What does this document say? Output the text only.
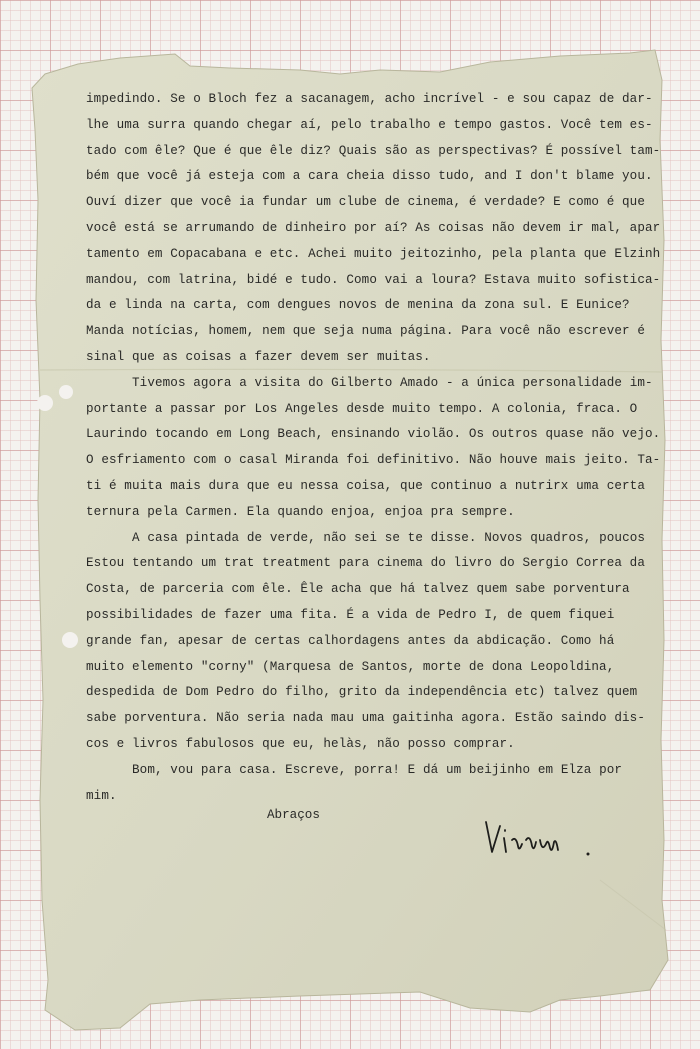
impedindo. Se o Bloch fez a sacanagem, acho incrível - e sou capaz de dar-
lhe uma surra quando chegar aí, pelo trabalho e tempo gastos. Você tem es-
tado com êle? Que é que êle diz? Quais são as perspectivas? É possível tam-
bém que você já esteja com a cara cheia disso tudo, and I don't blame you.
Ouví dizer que você ia fundar um clube de cinema, é verdade? E como é que
você está se arrumando de dinheiro por aí? As coisas não devem ir mal, apar
tamento em Copacabana e etc. Achei muito jeitozinho, pela planta que Elzinh
mandou, com latrina, bidé e tudo. Como vai a loura? Estava muito sofistica-
da e linda na carta, com dengues novos de menina da zona sul. E Eunice?
Manda notícias, homem, nem que seja numa página. Para você não escrever é
sinal que as coisas a fazer devem ser muitas.
Tivemos agora a visita do Gilberto Amado - a única personalidade im-
portante a passar por Los Angeles desde muito tempo. A colonia, fraca. O
Laurindo tocando em Long Beach, ensinando violão. Os outros quase não vejo.
O esfriamento com o casal Miranda foi definitivo. Não houve mais jeito. Ta-
ti é muita mais dura que eu nessa coisa, que continuo a nutrirx uma certa
ternura pela Carmen. Ela quando enjoa, enjoa pra sempre.
A casa pintada de verde, não sei se te disse. Novos quadros, poucos
Estou tentando um trat treatment para cinema do livro do Sergio Correa da
Costa, de parceria com êle. Êle acha que há talvez quem sabe porventura
possibilidades de fazer uma fita. É a vida de Pedro I, de quem fiquei
grande fan, apesar de certas calhordagens antes da abdicação. Como há
muito elemento "corny" (Marquesa de Santos, morte de dona Leopoldina,
despedida de Dom Pedro do filho, grito da independência etc) talvez quem
sabe porventura. Não seria nada mau uma gaitinha agora. Estão saindo dis-
cos e livros fabulosos que eu, helàs, não posso comprar.
Bom, vou para casa. Escreve, porra! E dá um beijinho em Elza por
mim.
Abraços
